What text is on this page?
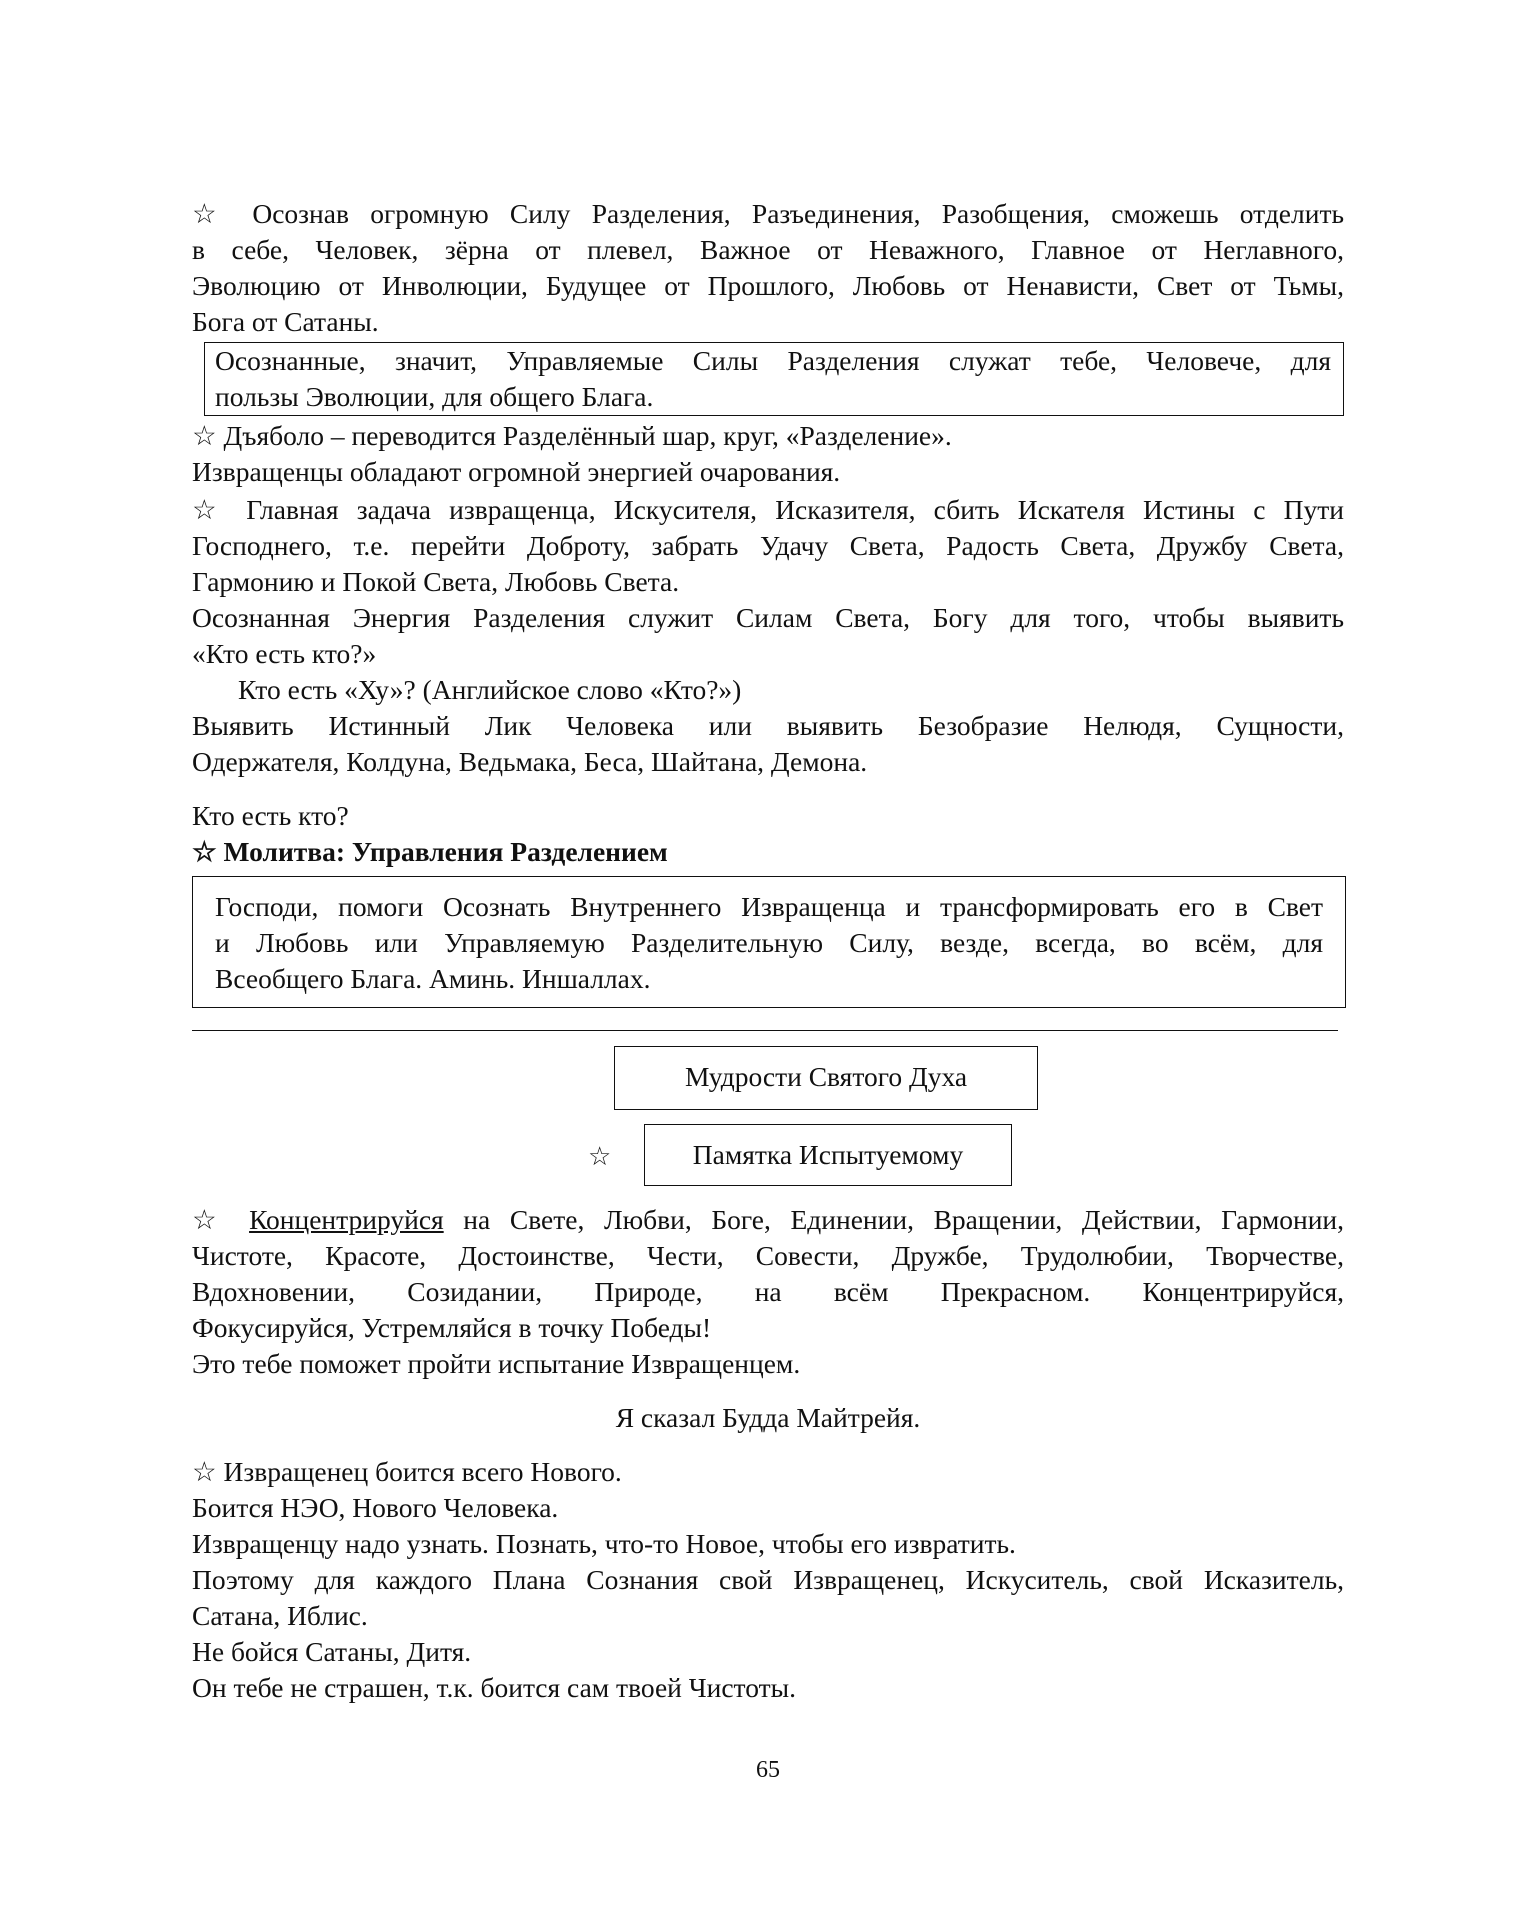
☆ Осознав огромную Силу Разделения, Разъединения, Разобщения, сможешь отделить
в себе, Человек, зёрна от плевел, Важное от Неважного, Главное от Неглавного,
Эволюцию от Инволюции, Будущее от Прошлого, Любовь от Ненависти, Свет от Тьмы,
Бога от Сатаны.
Осознанные, значит, Управляемые Силы Разделения служат тебе, Человече, для
пользы Эволюции, для общего Блага.
☆ Дъяболо – переводится Разделённый шар, круг, «Разделение».
Извращенцы обладают огромной энергией очарования.
☆ Главная задача извращенца, Искусителя, Исказителя, сбить Искателя Истины с Пути
Господнего, т.е. перейти Доброту, забрать Удачу Света, Радость Света, Дружбу Света,
Гармонию и Покой Света, Любовь Света.
Осознанная Энергия Разделения служит Силам Света, Богу для того, чтобы выявить
«Кто есть кто?»
Кто есть «Ху»? (Английское слово «Кто?»)
Выявить Истинный Лик Человека или выявить Безобразие Нелюдя, Сущности,
Одержателя, Колдуна, Ведьмака, Беса, Шайтана, Демона.
Кто есть кто?
☆ Молитва: Управления Разделением
Господи, помоги Осознать Внутреннего Извращенца и трансформировать его в Свет
и Любовь или Управляемую Разделительную Силу, везде, всегда, во всём, для
Всеобщего Блага. Аминь. Иншаллах.
Мудрости Святого Духа
☆	Памятка Испытуемому
☆ Концентрируйся на Свете, Любви, Боге, Единении, Вращении, Действии, Гармонии,
Чистоте, Красоте, Достоинстве, Чести, Совести, Дружбе, Трудолюбии, Творчестве,
Вдохновении, Созидании, Природе, на всём Прекрасном. Концентрируйся,
Фокусируйся, Устремляйся в точку Победы!
Это тебе поможет пройти испытание Извращенцем.
Я сказал Будда Майтрейя.
☆ Извращенец боится всего Нового.
Боится НЭО, Нового Человека.
Извращенцу надо узнать. Познать, что-то Новое, чтобы его извратить.
Поэтому для каждого Плана Сознания свой Извращенец, Искуситель, свой Исказитель,
Сатана, Иблис.
Не бойся Сатаны, Дитя.
Он тебе не страшен, т.к. боится сам твоей Чистоты.
65
